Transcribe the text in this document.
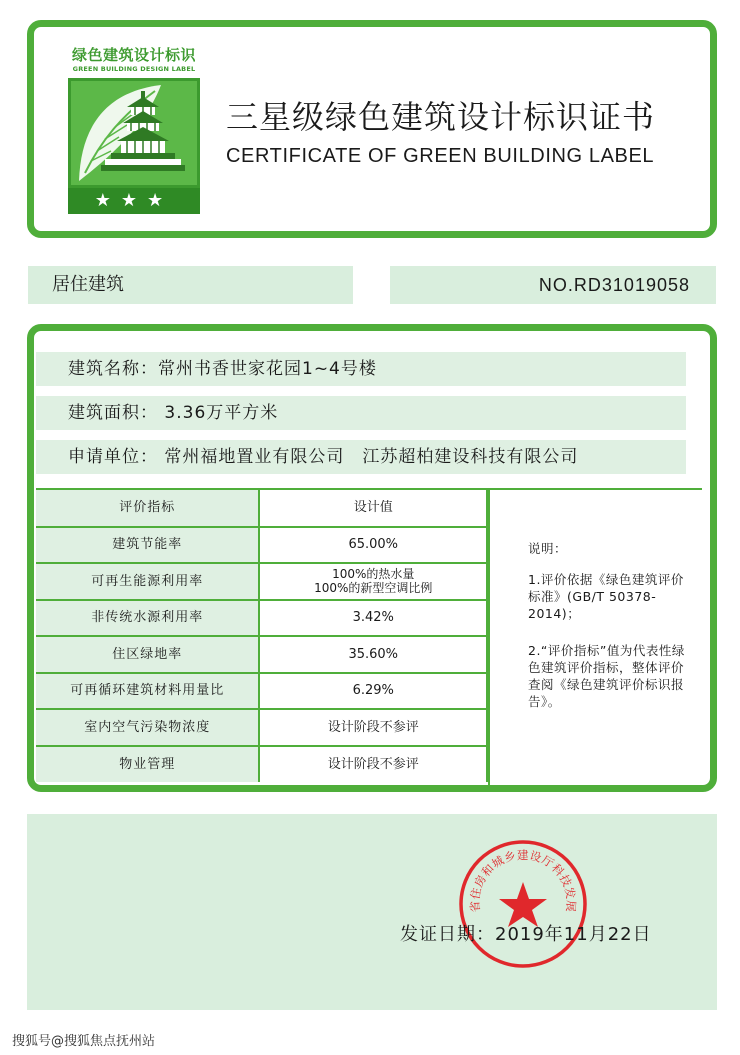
绿色建筑设计标识
GREEN BUILDING DESIGN LABEL
★★★
三星级绿色建筑设计标识证书
CERTIFICATE OF GREEN BUILDING LABEL
居住建筑	NO.RD31019058
建筑名称：常州书香世家花园1~4号楼
建筑面积： 3.36万平方米
申请单位： 常州福地置业有限公司　江苏超柏建设科技有限公司
评价指标	设计值
建筑节能率	65.00%
可再生能源利用率	100%的热水量
100%的新型空调比例
非传统水源利用率	3.42%
住区绿地率	35.60%
可再循环建筑材料用量比	6.29%
室内空气污染物浓度	设计阶段不参评
物业管理	设计阶段不参评

说明：

1.评价依据《绿色建筑评价标准》(GB/T 50378-2014)；

2.“评价指标”值为代表性绿色建筑评价指标，整体评价查阅《绿色建筑评价标识报告》。

省住房和城乡建设厅科技发展
发证日期：2019年11月22日
搜狐号@搜狐焦点抚州站
